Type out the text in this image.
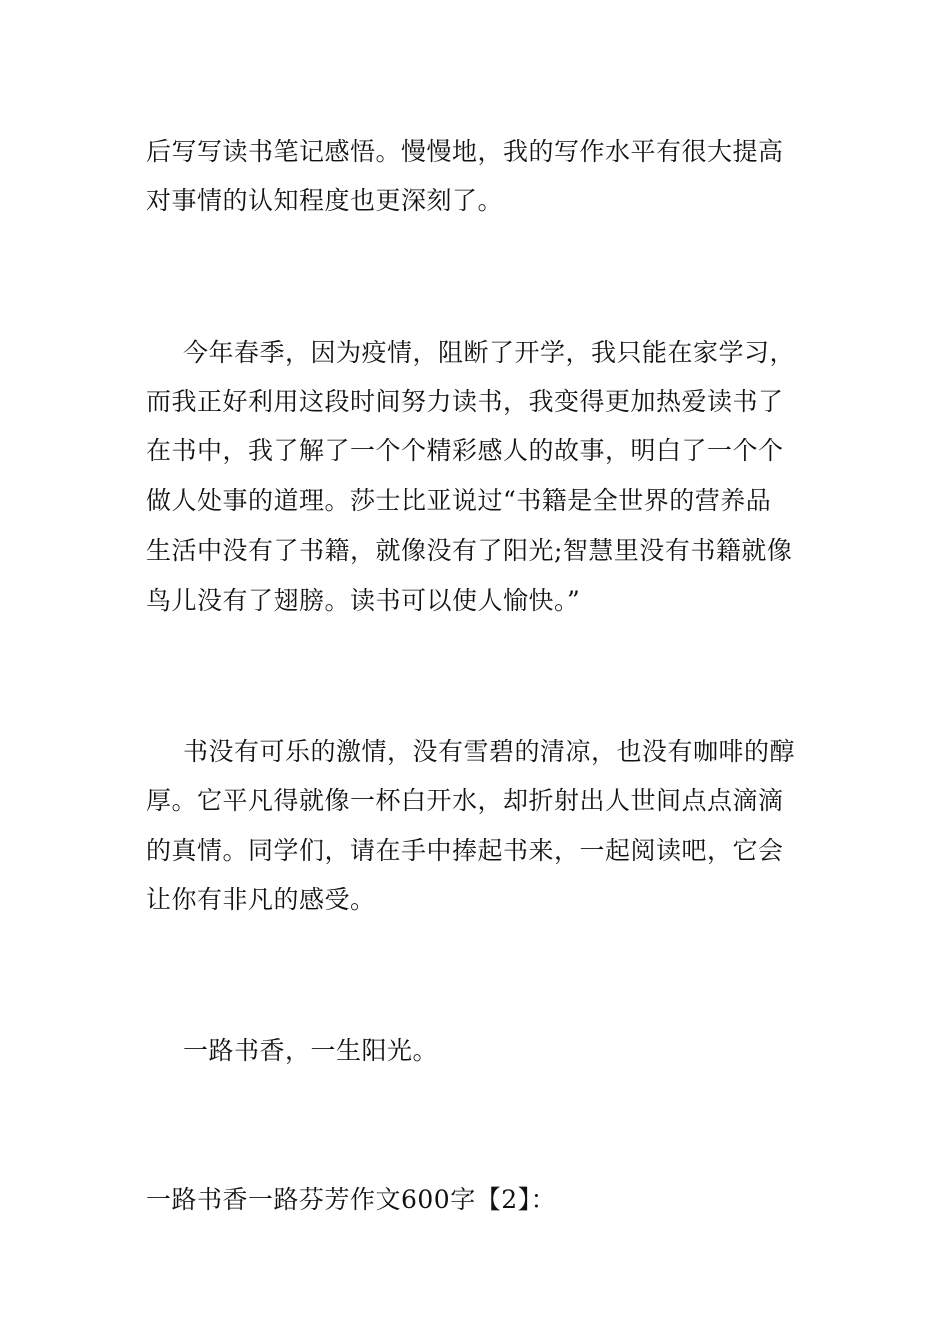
后写写读书笔记感悟。慢慢地，我的写作水平有很大提高
对事情的认知程度也更深刻了。
今年春季，因为疫情，阻断了开学，我只能在家学习，
而我正好利用这段时间努力读书，我变得更加热爱读书了
在书中，我了解了一个个精彩感人的故事，明白了一个个
做人处事的道理。莎士比亚说过“书籍是全世界的营养品
生活中没有了书籍，就像没有了阳光;智慧里没有书籍就像
鸟儿没有了翅膀。读书可以使人愉快。”
书没有可乐的激情，没有雪碧的清凉，也没有咖啡的醇
厚。它平凡得就像一杯白开水，却折射出人世间点点滴滴
的真情。同学们，请在手中捧起书来，一起阅读吧，它会
让你有非凡的感受。
一路书香，一生阳光。
一路书香一路芬芳作文600字【2】：
